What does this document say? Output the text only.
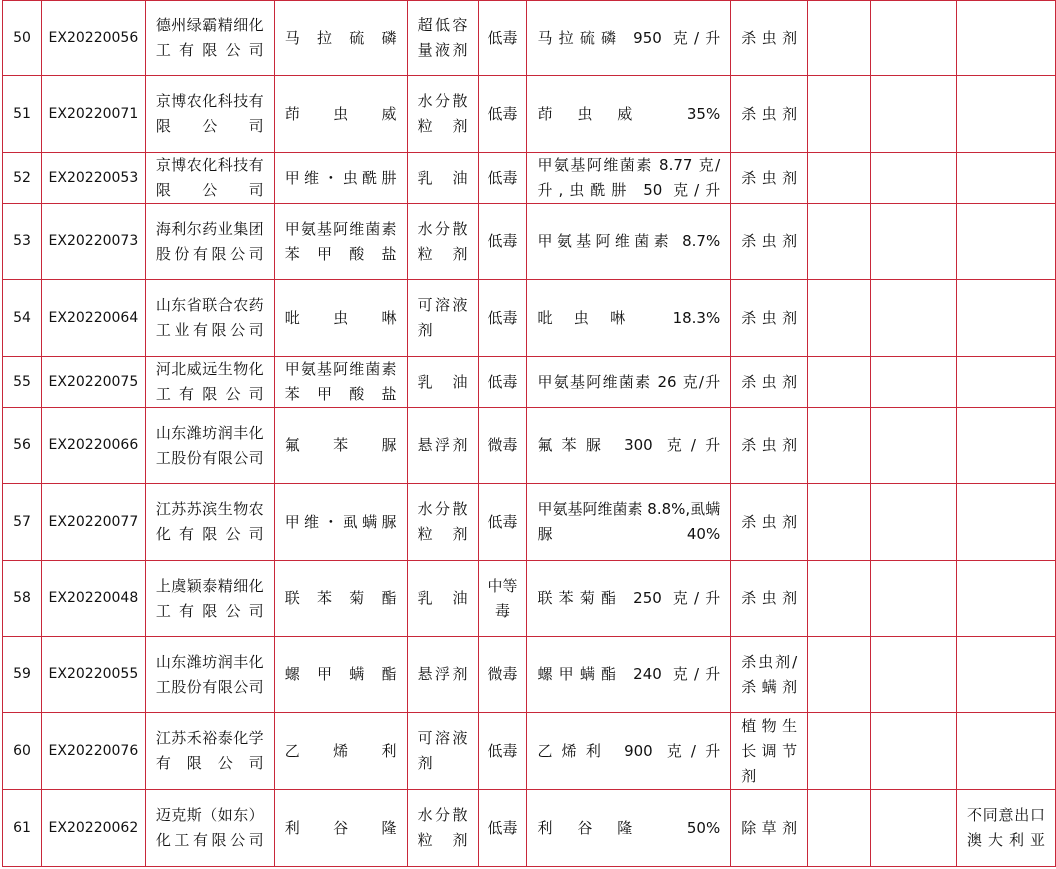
50	EX20220056	德州绿霸精细化工有限公司	马拉硫磷	超低容量液剂	低毒	马拉硫磷 950 克/升	杀虫剂			
51	EX20220071	京博农化科技有限公司	茚虫威	水分散粒剂	低毒	茚虫威 35%	杀虫剂			
52	EX20220053	京博农化科技有限公司	甲维・虫酰肼	乳油	低毒	甲氨基阿维菌素 8.77 克/升,虫酰肼 50 克/升	杀虫剂			
53	EX20220073	海利尔药业集团股份有限公司	甲氨基阿维菌素苯甲酸盐	水分散粒剂	低毒	甲氨基阿维菌素 8.7%	杀虫剂			
54	EX20220064	山东省联合农药工业有限公司	吡虫啉	可溶液剂	低毒	吡虫啉 18.3%	杀虫剂			
55	EX20220075	河北威远生物化工有限公司	甲氨基阿维菌素苯甲酸盐	乳油	低毒	甲氨基阿维菌素 26 克/升	杀虫剂			
56	EX20220066	山东潍坊润丰化工股份有限公司	氟苯脲	悬浮剂	微毒	氟苯脲 300 克/升	杀虫剂			
57	EX20220077	江苏苏滨生物农化有限公司	甲维・虱螨脲	水分散粒剂	低毒	甲氨基阿维菌素 8.8%,虱螨脲 40%	杀虫剂			
58	EX20220048	上虞颖泰精细化工有限公司	联苯菊酯	乳油	中等毒	联苯菊酯 250 克/升	杀虫剂			
59	EX20220055	山东潍坊润丰化工股份有限公司	螺甲螨酯	悬浮剂	微毒	螺甲螨酯 240 克/升	杀虫剂/杀螨剂			
60	EX20220076	江苏禾裕泰化学有限公司	乙烯利	可溶液剂	低毒	乙烯利 900 克/升	植物生长调节剂			
61	EX20220062	迈克斯（如东）化工有限公司	利谷隆	水分散粒剂	低毒	利谷隆 50%	除草剂			不同意出口澳大利亚
